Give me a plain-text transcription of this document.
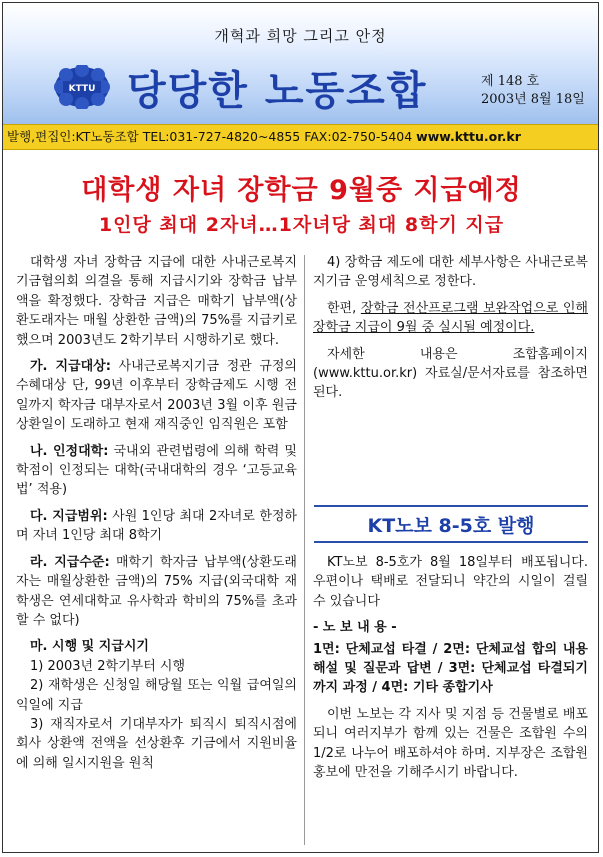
개혁과 희망 그리고 안정
KTTU 당당한 노동조합	제 148 호
2003년 8월 18일
발행,편집인:KT노동조합 TEL:031-727-4820~4855 FAX:02-750-5404 www.kttu.or.kr
대학생 자녀 장학금 9월중 지급예정
1인당 최대 2자녀…1자녀당 최대 8학기 지급

대학생 자녀 장학금 지급에 대한 사내근로복지기금협의회 의결을 통해 지급시기와 장학금 납부액을 확정했다. 장학금 지급은 매학기 납부액(상환도래자는 매월 상환한 금액)의 75%를 지급키로 했으며 2003년도 2학기부터 시행하기로 했다.

가. 지급대상: 사내근로복지기금 정관 규정의 수혜대상 단, 99년 이후부터 장학금제도 시행 전일까지 학자금 대부자로서 2003년 3월 이후 원금상환일이 도래하고 현재 재직중인 임직원은 포함

나. 인정대학: 국내외 관련법령에 의해 학력 및 학점이 인정되는 대학(국내대학의 경우 ‘고등교육법’ 적용)

다. 지급범위: 사원 1인당 최대 2자녀로 한정하며 자녀 1인당 최대 8학기

라. 지급수준: 매학기 학자금 납부액(상환도래자는 매월상환한 금액)의 75% 지급(외국대학 재학생은 연세대학교 유사학과 학비의 75%를 초과할 수 없다)

마. 시행 및 지급시기

1) 2003년 2학기부터 시행

2) 재학생은 신청일 해당월 또는 익월 급여일의 익일에 지급

3) 재직자로서 기대부자가 퇴직시 퇴직시점에 회사 상환액 전액을 선상환후 기금에서 지원비율에 의해 일시지원을 원칙

4) 장학금 제도에 대한 세부사항은 사내근로복지기금 운영세칙으로 정한다.

한편, 장학금 전산프로그램 보완작업으로 인해 장학금 지급이 9월 중 실시될 예정이다.

자세한 내용은 조합홈페이지(www.kttu.or.kr) 자료실/문서자료를 참조하면 된다.

KT노보 8-5호 발행

KT노보 8-5호가 8월 18일부터 배포됩니다. 우편이나 택배로 전달되니 약간의 시일이 걸릴 수 있습니다

- 노 보 내 용 -

1면: 단체교섭 타결 / 2면: 단체교섭 합의 내용 해설 및 질문과 답변 / 3면: 단체교섭 타결되기까지 과정 / 4면: 기타 종합기사

이번 노보는 각 지사 및 지점 등 건물별로 배포되니 여러지부가 함께 있는 건물은 조합원 수의 1/2로 나누어 배포하셔야 하며. 지부장은 조합원 홍보에 만전을 기해주시기 바랍니다.
